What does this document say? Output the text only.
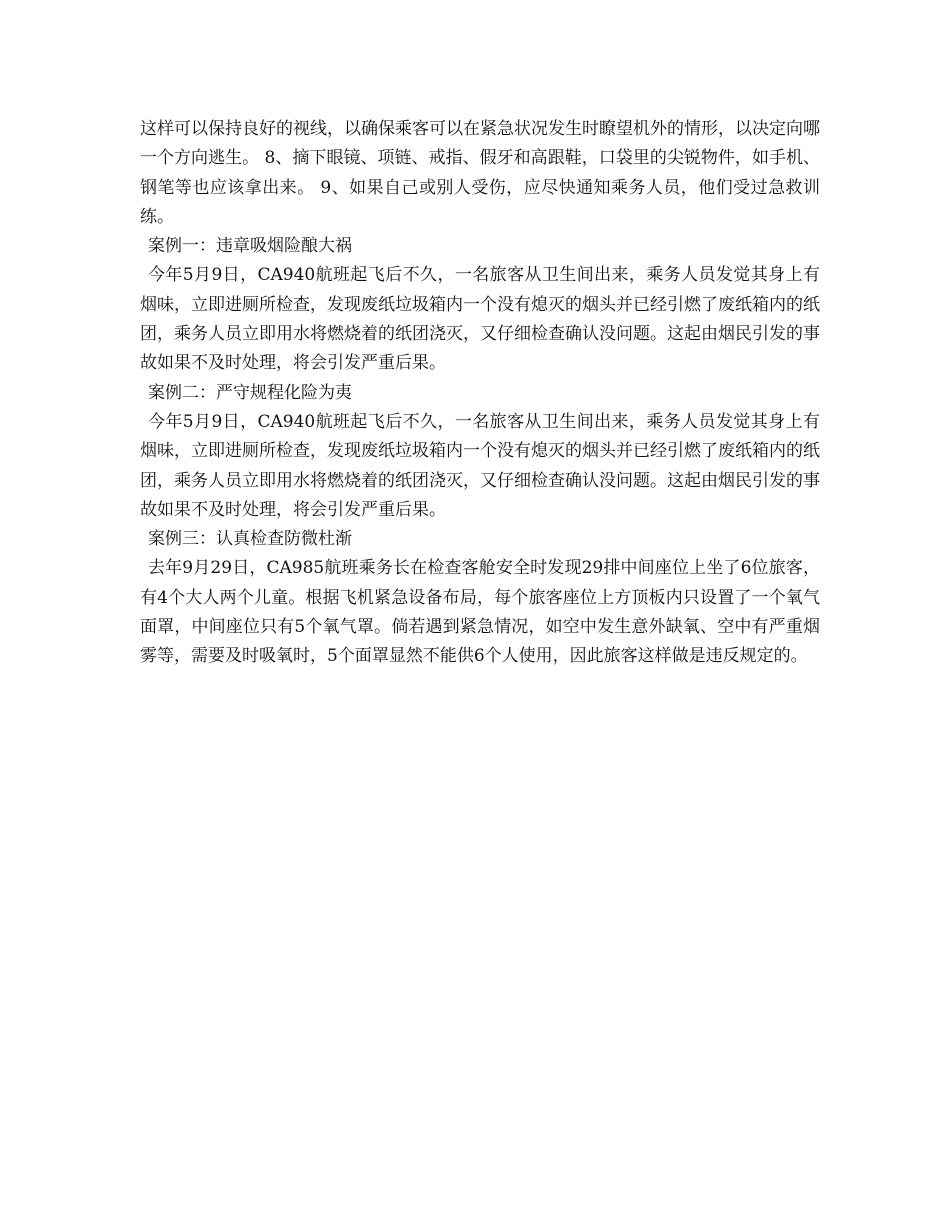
这样可以保持良好的视线，以确保乘客可以在紧急状况发生时瞭望机外的情形，以决定向哪一个方向逃生。 8、摘下眼镜、项链、戒指、假牙和高跟鞋，口袋里的尖锐物件，如手机、钢笔等也应该拿出来。 9、如果自己或别人受伤，应尽快通知乘务人员，他们受过急救训练。

案例一：违章吸烟险酿大祸

今年5月9日，CA940航班起飞后不久，一名旅客从卫生间出来，乘务人员发觉其身上有烟味，立即进厕所检查，发现废纸垃圾箱内一个没有熄灭的烟头并已经引燃了废纸箱内的纸团，乘务人员立即用水将燃烧着的纸团浇灭，又仔细检查确认没问题。这起由烟民引发的事故如果不及时处理，将会引发严重后果。

案例二：严守规程化险为夷

今年5月9日，CA940航班起飞后不久，一名旅客从卫生间出来，乘务人员发觉其身上有烟味，立即进厕所检查，发现废纸垃圾箱内一个没有熄灭的烟头并已经引燃了废纸箱内的纸团，乘务人员立即用水将燃烧着的纸团浇灭，又仔细检查确认没问题。这起由烟民引发的事故如果不及时处理，将会引发严重后果。

案例三：认真检查防微杜渐

去年9月29日，CA985航班乘务长在检查客舱安全时发现29排中间座位上坐了6位旅客，有4个大人两个儿童。根据飞机紧急设备布局，每个旅客座位上方顶板内只设置了一个氧气面罩，中间座位只有5个氧气罩。倘若遇到紧急情况，如空中发生意外缺氧、空中有严重烟雾等，需要及时吸氧时，5个面罩显然不能供6个人使用，因此旅客这样做是违反规定的。
